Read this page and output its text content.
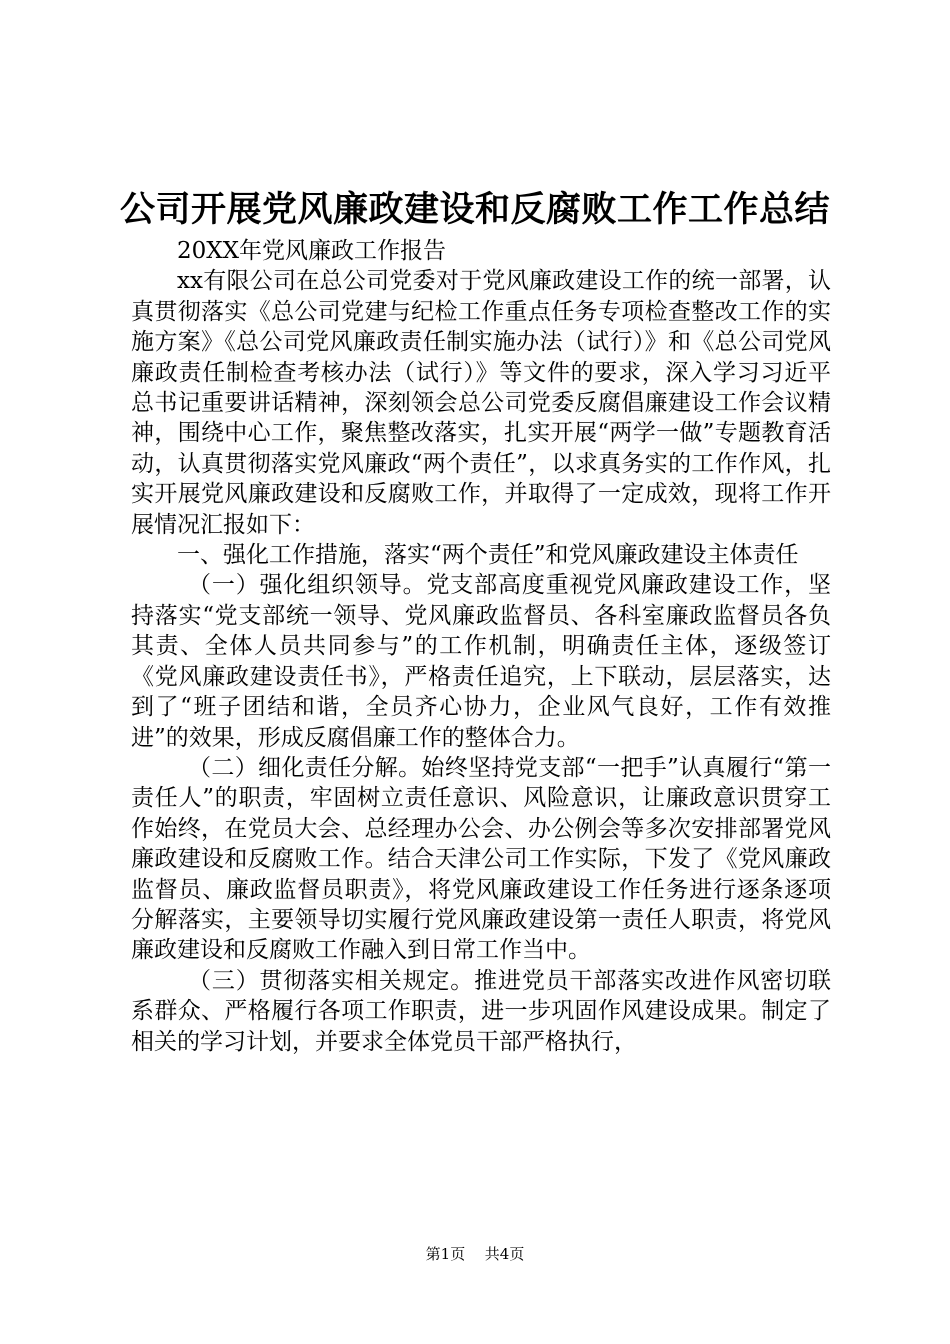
公司开展党风廉政建设和反腐败工作工作总结

20XX年党风廉政工作报告

xx有限公司在总公司党委对于党风廉政建设工作的统一部署，认真贯彻落实《总公司党建与纪检工作重点任务专项检查整改工作的实施方案》《总公司党风廉政责任制实施办法（试行）》和《总公司党风廉政责任制检查考核办法（试行）》等文件的要求，深入学习习近平总书记重要讲话精神，深刻领会总公司党委反腐倡廉建设工作会议精神，围绕中心工作，聚焦整改落实，扎实开展“两学一做”专题教育活动，认真贯彻落实党风廉政“两个责任”，以求真务实的工作作风，扎实开展党风廉政建设和反腐败工作，并取得了一定成效，现将工作开展情况汇报如下：

一、强化工作措施，落实“两个责任”和党风廉政建设主体责任

（一）强化组织领导。党支部高度重视党风廉政建设工作，坚持落实“党支部统一领导、党风廉政监督员、各科室廉政监督员各负其责、全体人员共同参与”的工作机制，明确责任主体，逐级签订《党风廉政建设责任书》，严格责任追究，上下联动，层层落实，达到了“班子团结和谐，全员齐心协力，企业风气良好，工作有效推进”的效果，形成反腐倡廉工作的整体合力。

（二）细化责任分解。始终坚持党支部“一把手”认真履行“第一责任人”的职责，牢固树立责任意识、风险意识，让廉政意识贯穿工作始终，在党员大会、总经理办公会、办公例会等多次安排部署党风廉政建设和反腐败工作。结合天津公司工作实际，下发了《党风廉政监督员、廉政监督员职责》，将党风廉政建设工作任务进行逐条逐项分解落实，主要领导切实履行党风廉政建设第一责任人职责，将党风廉政建设和反腐败工作融入到日常工作当中。

（三）贯彻落实相关规定。推进党员干部落实改进作风密切联系群众、严格履行各项工作职责，进一步巩固作风建设成果。制定了相关的学习计划，并要求全体党员干部严格执行，

第1页 共4页
